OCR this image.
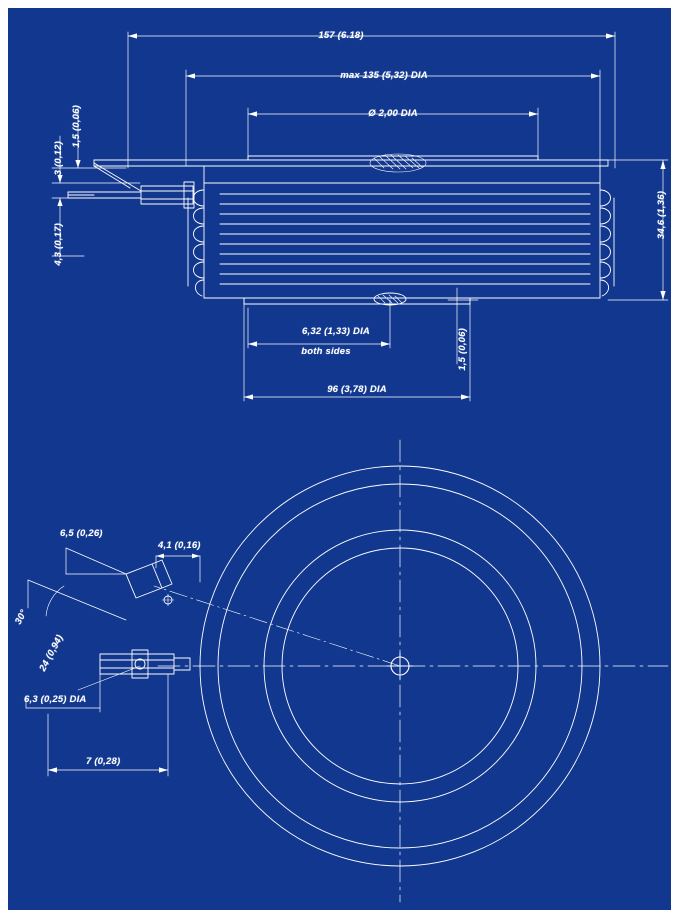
157 (6.18)
max 135 (5,32) DIA
Ø 2,00 DIA
1,5 (0,06)
3 (0,12)
4,3 (0,17)
34,6 (1,36)
6,32 (1,33) DIA
both sides	1,5 (0,06)
96 (3,78) DIA
6,5 (0,26)
4,1 (0,16)
30°
24 (0,94)
6,3 (0,25) DIA
7 (0,28)
